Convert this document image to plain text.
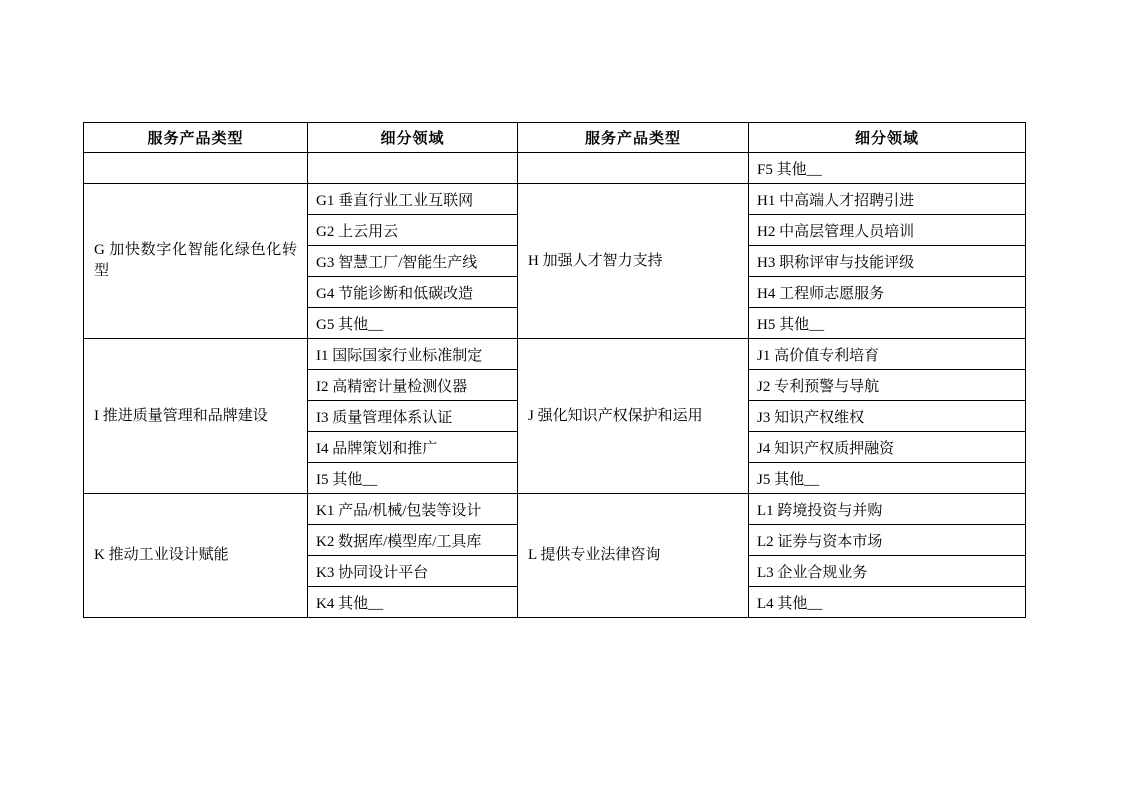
服务产品类型	细分领域	服务产品类型	细分领域
			F5 其他__
G 加快数字化智能化绿色化转型	G1 垂直行业工业互联网	H 加强人才智力支持	H1 中高端人才招聘引进
	G2 上云用云		H2 中高层管理人员培训
	G3 智慧工厂/智能生产线		H3 职称评审与技能评级
	G4 节能诊断和低碳改造		H4 工程师志愿服务
	G5 其他__		H5 其他__
I 推进质量管理和品牌建设	I1 国际国家行业标准制定	J 强化知识产权保护和运用	J1 高价值专利培育
	I2 高精密计量检测仪器		J2 专利预警与导航
	I3 质量管理体系认证		J3 知识产权维权
	I4 品牌策划和推广		J4 知识产权质押融资
	I5 其他__		J5 其他__
K 推动工业设计赋能	K1 产品/机械/包装等设计	L 提供专业法律咨询	L1 跨境投资与并购
	K2 数据库/模型库/工具库		L2 证券与资本市场
	K3 协同设计平台		L3 企业合规业务
	K4 其他__		L4 其他__
